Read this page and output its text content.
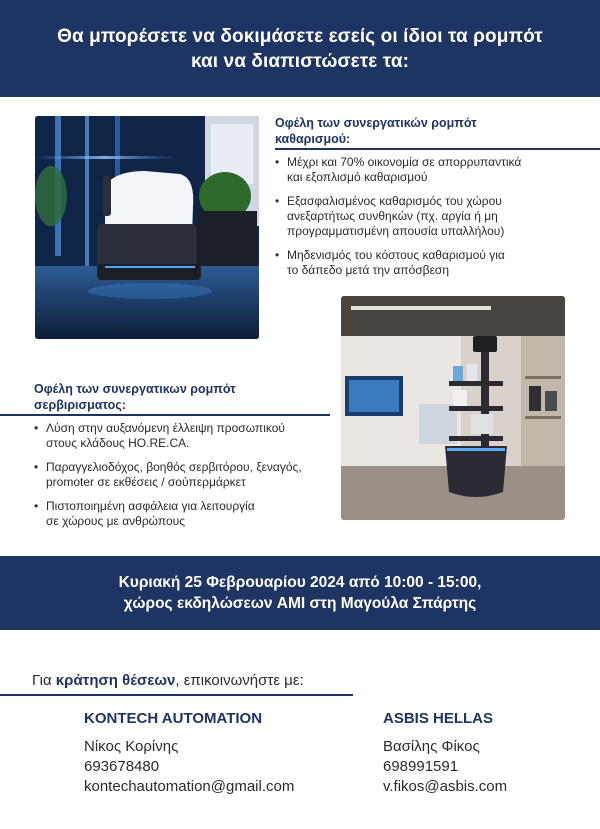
Θα μπορέσετε να δοκιμάσετε εσείς οι ίδιοι τα ρομπότ
και να διαπιστώσετε τα:
Οφέλη των συνεργατικών ρομπότ
καθαρισμού:
• Μέχρι και 70% οικονομία σε απορρυπαντικά
και εξοπλισμό καθαρισμού
• Εξασφαλισμένος καθαρισμός του χώρου
ανεξαρτήτως συνθηκών (πχ. αργία ή μη
προγραμματισμένη απουσία υπαλλήλου)
• Μηδενισμός του κόστους καθαρισμού για
το δάπεδο μετά την απόσβεση
Οφέλη των συνεργατικων ρομπότ
σερβιρισματος:
• Λύση στην αυξανόμενη έλλειψη προσωπικού
στους κλάδους HO.RE.CA.
• Παραγγελιοδόχος, βοηθός σερβιτόρου, ξεναγός,
promoter σε εκθέσεις / σούπερμάρκετ
• Πιστοποιημένη ασφάλεια για λειτουργία
σε χώρους με ανθρώπους
Κυριακή 25 Φεβρουαρίου 2024 από 10:00 - 15:00,
χώρος εκδηλώσεων AMI στη Μαγούλα Σπάρτης
Για κράτηση θέσεων, επικοινωνήστε με:
KONTECH AUTOMATION
Νίκος Κορίνης
693678480
kontechautomation@gmail.com
ASBIS HELLAS
Βασίλης Φίκος
698991591
v.fikos@asbis.com
